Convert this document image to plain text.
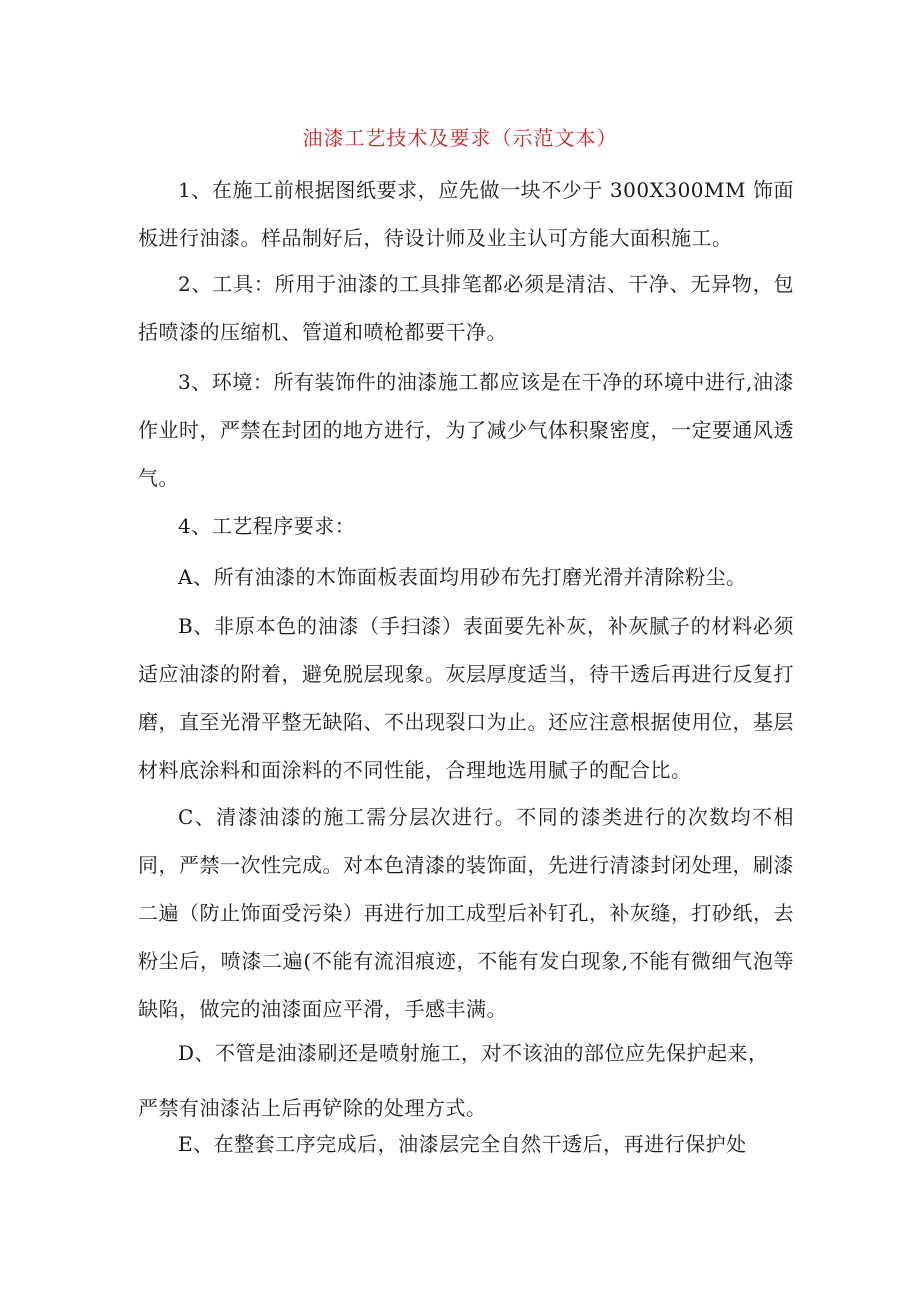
油漆工艺技术及要求（示范文本）
1、在施工前根据图纸要求，应先做一块不少于 300X300MM 饰面板进行油漆。样品制好后，待设计师及业主认可方能大面积施工。
2、工具：所用于油漆的工具排笔都必须是清洁、干净、无异物，包括喷漆的压缩机、管道和喷枪都要干净。
3、环境：所有装饰件的油漆施工都应该是在干净的环境中进行,油漆作业时，严禁在封团的地方进行，为了减少气体积聚密度，一定要通风透气。
4、工艺程序要求：
A、所有油漆的木饰面板表面均用砂布先打磨光滑并清除粉尘。
B、非原本色的油漆（手扫漆）表面要先补灰，补灰腻子的材料必须适应油漆的附着，避免脱层现象。灰层厚度适当，待干透后再进行反复打磨，直至光滑平整无缺陷、不出现裂口为止。还应注意根据使用位，基层材料底涂料和面涂料的不同性能，合理地选用腻子的配合比。
C、清漆油漆的施工需分层次进行。不同的漆类进行的次数均不相同，严禁一次性完成。对本色清漆的装饰面，先进行清漆封闭处理，刷漆二遍（防止饰面受污染）再进行加工成型后补钉孔，补灰缝，打砂纸，去粉尘后，喷漆二遍(不能有流泪痕迹，不能有发白现象,不能有微细气泡等缺陷，做完的油漆面应平滑，手感丰满。
D、不管是油漆刷还是喷射施工，对不该油的部位应先保护起来，
严禁有油漆沾上后再铲除的处理方式。
E、在整套工序完成后，油漆层完全自然干透后，再进行保护处
